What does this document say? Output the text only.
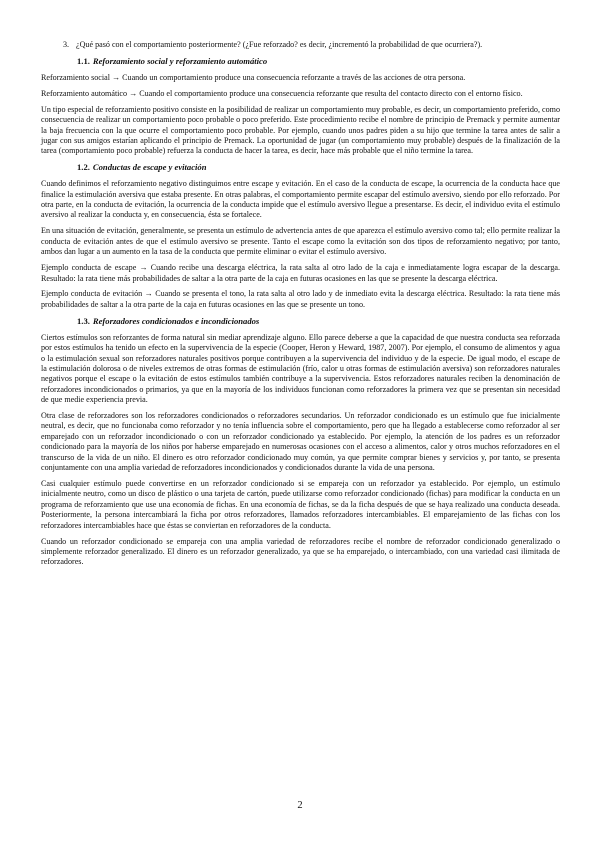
3. ¿Qué pasó con el comportamiento posteriormente? (¿Fue reforzado? es decir, ¿incrementó la probabilidad de que ocurriera?).

1.1. Reforzamiento social y reforzamiento automático

Reforzamiento social → Cuando un comportamiento produce una consecuencia reforzante a través de las acciones de otra persona.

Reforzamiento automático → Cuando el comportamiento produce una consecuencia reforzante que resulta del contacto directo con el entorno físico.

Un tipo especial de reforzamiento positivo consiste en la posibilidad de realizar un comportamiento muy probable, es decir, un comportamiento preferido, como consecuencia de realizar un comportamiento poco probable o poco preferido. Este procedimiento recibe el nombre de principio de Premack y permite aumentar la baja frecuencia con la que ocurre el comportamiento poco probable. Por ejemplo, cuando unos padres piden a su hijo que termine la tarea antes de salir a jugar con sus amigos estarían aplicando el principio de Premack. La oportunidad de jugar (un comportamiento muy probable) después de la finalización de la tarea (comportamiento poco probable) refuerza la conducta de hacer la tarea, es decir, hace más probable que el niño termine la tarea.

1.2. Conductas de escape y evitación

Cuando definimos el reforzamiento negativo distinguimos entre escape y evitación. En el caso de la conducta de escape, la ocurrencia de la conducta hace que finalice la estimulación aversiva que estaba presente. En otras palabras, el comportamiento permite escapar del estímulo aversivo, siendo por ello reforzado. Por otra parte, en la conducta de evitación, la ocurrencia de la conducta impide que el estímulo aversivo llegue a presentarse. Es decir, el individuo evita el estímulo aversivo al realizar la conducta y, en consecuencia, ésta se fortalece.

En una situación de evitación, generalmente, se presenta un estímulo de advertencia antes de que aparezca el estímulo aversivo como tal; ello permite realizar la conducta de evitación antes de que el estímulo aversivo se presente. Tanto el escape como la evitación son dos tipos de reforzamiento negativo; por tanto, ambos dan lugar a un aumento en la tasa de la conducta que permite eliminar o evitar el estímulo aversivo.

Ejemplo conducta de escape → Cuando recibe una descarga eléctrica, la rata salta al otro lado de la caja e inmediatamente logra escapar de la descarga. Resultado: la rata tiene más probabilidades de saltar a la otra parte de la caja en futuras ocasiones en las que se presente la descarga eléctrica.

Ejemplo conducta de evitación → Cuando se presenta el tono, la rata salta al otro lado y de inmediato evita la descarga eléctrica. Resultado: la rata tiene más probabilidades de saltar a la otra parte de la caja en futuras ocasiones en las que se presente un tono.

1.3. Reforzadores condicionados e incondicionados

Ciertos estímulos son reforzantes de forma natural sin mediar aprendizaje alguno. Ello parece deberse a que la capacidad de que nuestra conducta sea reforzada por estos estímulos ha tenido un efecto en la supervivencia de la especie (Cooper, Heron y Heward, 1987, 2007). Por ejemplo, el consumo de alimentos y agua o la estimulación sexual son reforzadores naturales positivos porque contribuyen a la supervivencia del individuo y de la especie. De igual modo, el escape de la estimulación dolorosa o de niveles extremos de otras formas de estimulación (frío, calor u otras formas de estimulación aversiva) son reforzadores naturales negativos porque el escape o la evitación de estos estímulos también contribuye a la supervivencia. Estos reforzadores naturales reciben la denominación de reforzadores incondicionados o primarios, ya que en la mayoría de los individuos funcionan como reforzadores la primera vez que se presentan sin necesidad de que medie experiencia previa.

Otra clase de reforzadores son los reforzadores condicionados o reforzadores secundarios. Un reforzador condicionado es un estímulo que fue inicialmente neutral, es decir, que no funcionaba como reforzador y no tenía influencia sobre el comportamiento, pero que ha llegado a establecerse como reforzador al ser emparejado con un reforzador incondicionado o con un reforzador condicionado ya establecido. Por ejemplo, la atención de los padres es un reforzador condicionado para la mayoría de los niños por haberse emparejado en numerosas ocasiones con el acceso a alimentos, calor y otros muchos reforzadores en el transcurso de la vida de un niño. El dinero es otro reforzador condicionado muy común, ya que permite comprar bienes y servicios y, por tanto, se presenta conjuntamente con una amplia variedad de reforzadores incondicionados y condicionados durante la vida de una persona.

Casi cualquier estímulo puede convertirse en un reforzador condicionado si se empareja con un reforzador ya establecido. Por ejemplo, un estímulo inicialmente neutro, como un disco de plástico o una tarjeta de cartón, puede utilizarse como reforzador condicionado (fichas) para modificar la conducta en un programa de reforzamiento que use una economía de fichas. En una economía de fichas, se da la ficha después de que se haya realizado una conducta deseada. Posteriormente, la persona intercambiará la ficha por otros reforzadores, llamados reforzadores intercambiables. El emparejamiento de las fichas con los reforzadores intercambiables hace que éstas se conviertan en reforzadores de la conducta.

Cuando un reforzador condicionado se empareja con una amplia variedad de reforzadores recibe el nombre de reforzador condicionado generalizado o simplemente reforzador generalizado. El dinero es un reforzador generalizado, ya que se ha emparejado, o intercambiado, con una variedad casi ilimitada de reforzadores.

2
